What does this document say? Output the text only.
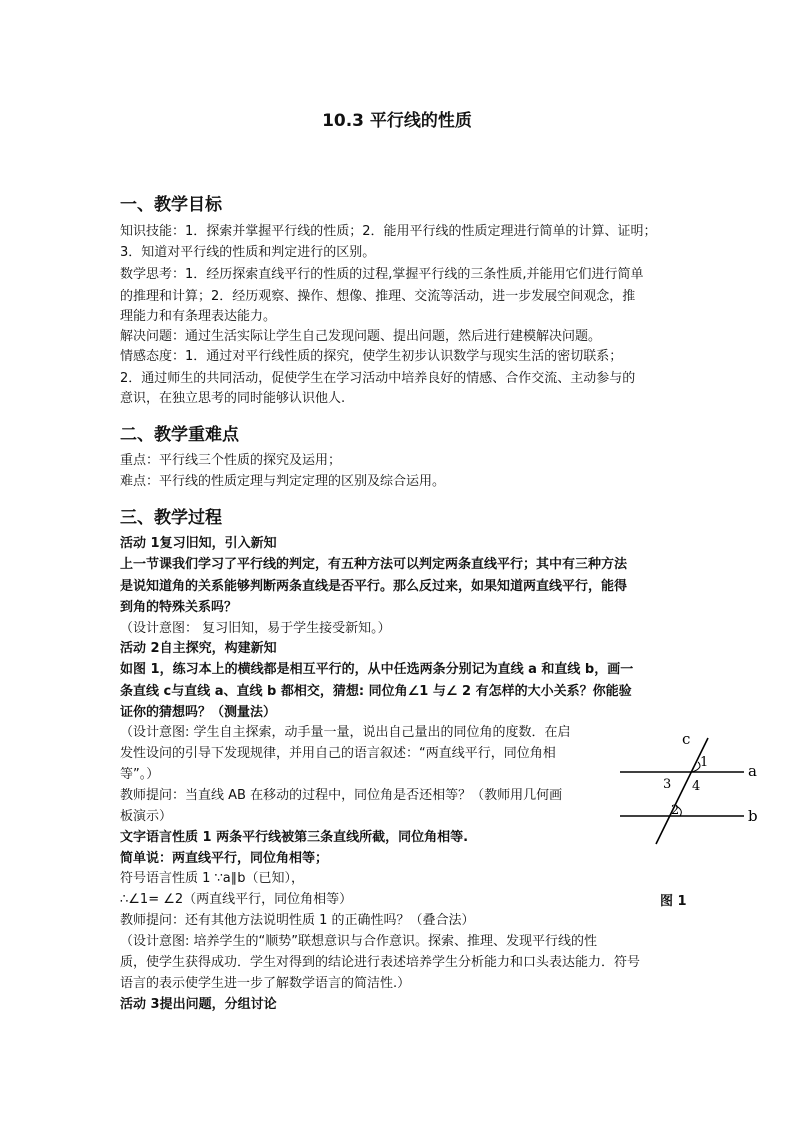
10.3 平行线的性质
一、教学目标
知识技能：1．探索并掌握平行线的性质；2．能用平行线的性质定理进行简单的计算、证明；
3．知道对平行线的性质和判定进行的区别。
数学思考：1．经历探索直线平行的性质的过程,掌握平行线的三条性质,并能用它们进行简单
的推理和计算；2．经历观察、操作、想像、推理、交流等活动，进一步发展空间观念，推
理能力和有条理表达能力。
解决问题：通过生活实际让学生自己发现问题、提出问题，然后进行建模解决问题。
情感态度：1．通过对平行线性质的探究，使学生初步认识数学与现实生活的密切联系；
2．通过师生的共同活动，促使学生在学习活动中培养良好的情感、合作交流、主动参与的
意识，在独立思考的同时能够认识他人.
二、教学重难点
重点：平行线三个性质的探究及运用；
难点：平行线的性质定理与判定定理的区别及综合运用。
三、教学过程
活动 1复习旧知，引入新知
上一节课我们学习了平行线的判定，有五种方法可以判定两条直线平行；其中有三种方法
是说知道角的关系能够判断两条直线是否平行。那么反过来，如果知道两直线平行，能得
到角的特殊关系吗？
（设计意图： 复习旧知，易于学生接受新知。）
活动 2自主探究，构建新知
如图 1，练习本上的横线都是相互平行的，从中任选两条分别记为直线 a 和直线 b，画一
条直线 c与直线 a、直线 b 都相交，猜想: 同位角∠1 与∠ 2 有怎样的大小关系？你能验
证你的猜想吗？（测量法）
（设计意图: 学生自主探索，动手量一量，说出自己量出的同位角的度数．在启
发性设问的引导下发现规律，并用自己的语言叙述：“两直线平行，同位角相
等”。）
教师提问：当直线 AB 在移动的过程中，同位角是否还相等？（教师用几何画
板演示）
文字语言性质 1 两条平行线被第三条直线所截，同位角相等.
简单说：两直线平行，同位角相等；
符号语言性质 1 ∵a∥b（已知），
∴∠1= ∠2（两直线平行，同位角相等）
教师提问：还有其他方法说明性质 1 的正确性吗？（叠合法）
（设计意图: 培养学生的“顺势”联想意识与合作意识。探索、推理、发现平行线的性
质，使学生获得成功．学生对得到的结论进行表述培养学生分析能力和口头表达能力．符号
语言的表示使学生进一步了解数学语言的简洁性.）
活动 3提出问题，分组讨论
c
a
b
1
2
3 4
图 1
